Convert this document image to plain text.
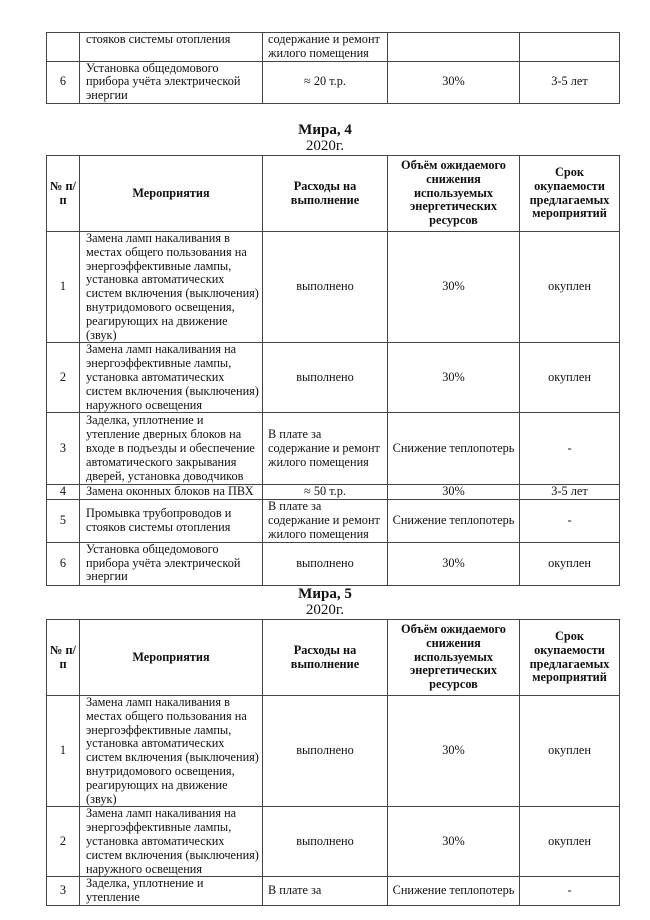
	стояков системы отопления	содержание и ремонт жилого помещения		
6	Установка общедомового прибора учёта электрической энергии	≈ 20 т.р.	30%	3-5 лет
Мира, 4
2020г.
№ п/п	Мероприятия	Расходы на выполнение	Объём ожидаемого снижения используемых энергетических ресурсов	Срок окупаемости предлагаемых мероприятий
1	Замена ламп накаливания в местах общего пользования на энергоэффективные лампы, установка автоматических систем включения (выключения) внутридомового освещения, реагирующих на движение (звук)	выполнено	30%	окуплен
2	Замена ламп накаливания на энергоэффективные лампы, установка автоматических систем включения (выключения) наружного освещения	выполнено	30%	окуплен
3	Заделка, уплотнение и утепление дверных блоков на входе в подъезды и обеспечение автоматического закрывания дверей, установка доводчиков	В плате за содержание и ремонт жилого помещения	Снижение теплопотерь	-
4	Замена оконных блоков на ПВХ	≈ 50 т.р.	30%	3-5 лет
5	Промывка трубопроводов и стояков системы отопления	В плате за содержание и ремонт жилого помещения	Снижение теплопотерь	-
6	Установка общедомового прибора учёта электрической энергии	выполнено	30%	окуплен
Мира, 5
2020г.
№ п/п	Мероприятия	Расходы на выполнение	Объём ожидаемого снижения используемых энергетических ресурсов	Срок окупаемости предлагаемых мероприятий
1	Замена ламп накаливания в местах общего пользования на энергоэффективные лампы, установка автоматических систем включения (выключения) внутридомового освещения, реагирующих на движение (звук)	выполнено	30%	окуплен
2	Замена ламп накаливания на энергоэффективные лампы, установка автоматических систем включения (выключения) наружного освещения	выполнено	30%	окуплен
3	Заделка, уплотнение и утепление	В плате за	Снижение теплопотерь	-
